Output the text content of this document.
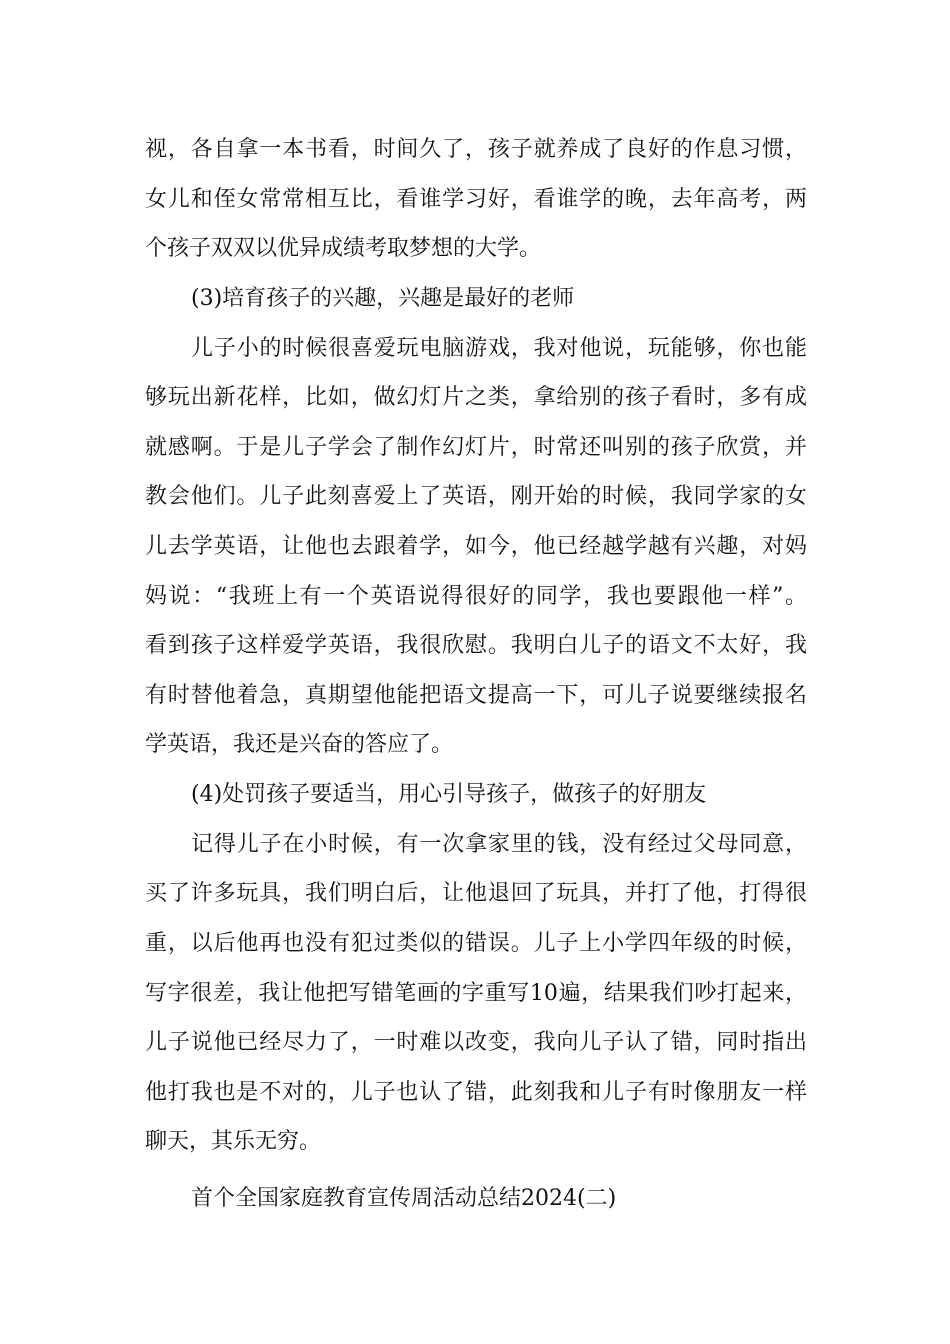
视，各自拿一本书看，时间久了，孩子就养成了良好的作息习惯，
女儿和侄女常常相互比，看谁学习好，看谁学的晚，去年高考，两
个孩子双双以优异成绩考取梦想的大学。
(3)培育孩子的兴趣，兴趣是最好的老师
儿子小的时候很喜爱玩电脑游戏，我对他说，玩能够，你也能
够玩出新花样，比如，做幻灯片之类，拿给别的孩子看时，多有成
就感啊。于是儿子学会了制作幻灯片，时常还叫别的孩子欣赏，并
教会他们。儿子此刻喜爱上了英语，刚开始的时候，我同学家的女
儿去学英语，让他也去跟着学，如今，他已经越学越有兴趣，对妈
妈说：“我班上有一个英语说得很好的同学，我也要跟他一样”。
看到孩子这样爱学英语，我很欣慰。我明白儿子的语文不太好，我
有时替他着急，真期望他能把语文提高一下，可儿子说要继续报名
学英语，我还是兴奋的答应了。
(4)处罚孩子要适当，用心引导孩子，做孩子的好朋友
记得儿子在小时候，有一次拿家里的钱，没有经过父母同意，
买了许多玩具，我们明白后，让他退回了玩具，并打了他，打得很
重，以后他再也没有犯过类似的错误。儿子上小学四年级的时候，
写字很差，我让他把写错笔画的字重写10遍，结果我们吵打起来，
儿子说他已经尽力了，一时难以改变，我向儿子认了错，同时指出
他打我也是不对的，儿子也认了错，此刻我和儿子有时像朋友一样
聊天，其乐无穷。
首个全国家庭教育宣传周活动总结2024(二)
